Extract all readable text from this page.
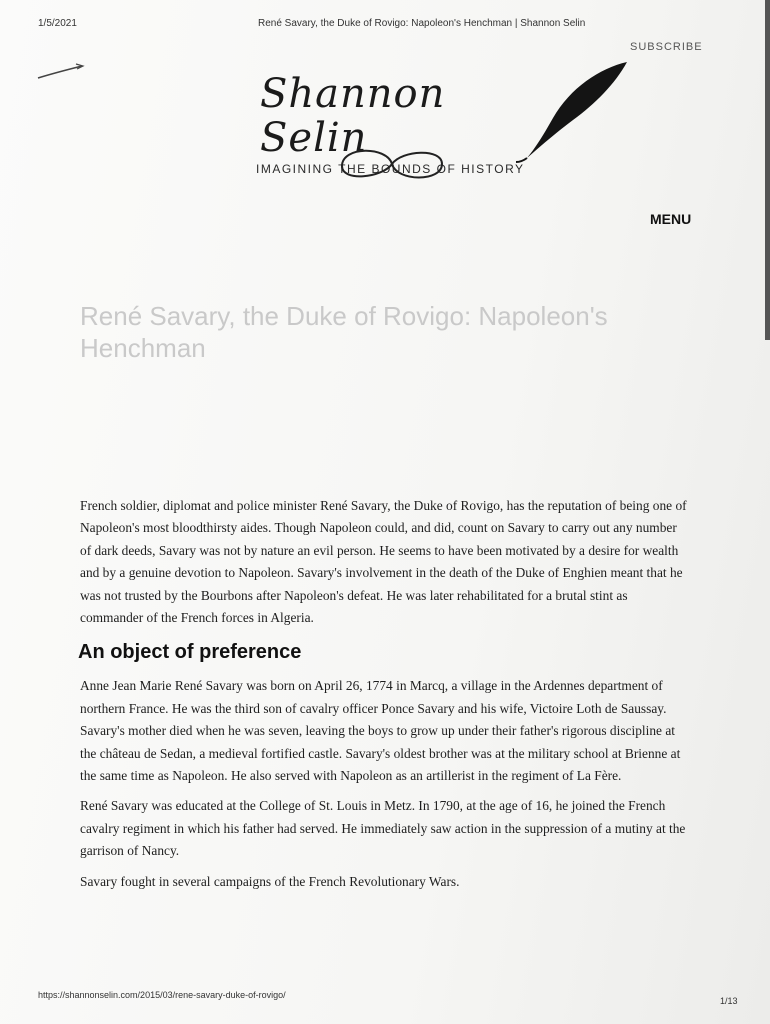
1/5/2021	René Savary, the Duke of Rovigo: Napoleon's Henchman | Shannon Selin
SUBSCRIBE
Shannon Selin
IMAGINING THE BOUNDS OF HISTORY
MENU
René Savary, the Duke of Rovigo: Napoleon's Henchman

French soldier, diplomat and police minister René Savary, the Duke of Rovigo, has the reputation of being one of Napoleon's most bloodthirsty aides. Though Napoleon could, and did, count on Savary to carry out any number of dark deeds, Savary was not by nature an evil person. He seems to have been motivated by a desire for wealth and by a genuine devotion to Napoleon. Savary's involvement in the death of the Duke of Enghien meant that he was not trusted by the Bourbons after Napoleon's defeat. He was later rehabilitated for a brutal stint as commander of the French forces in Algeria.

An object of preference

Anne Jean Marie René Savary was born on April 26, 1774 in Marcq, a village in the Ardennes department of northern France. He was the third son of cavalry officer Ponce Savary and his wife, Victoire Loth de Saussay. Savary's mother died when he was seven, leaving the boys to grow up under their father's rigorous discipline at the château de Sedan, a medieval fortified castle. Savary's oldest brother was at the military school at Brienne at the same time as Napoleon. He also served with Napoleon as an artillerist in the regiment of La Fère.

René Savary was educated at the College of St. Louis in Metz. In 1790, at the age of 16, he joined the French cavalry regiment in which his father had served. He immediately saw action in the suppression of a mutiny at the garrison of Nancy.

Savary fought in several campaigns of the French Revolutionary Wars.

https://shannonselin.com/2015/03/rene-savary-duke-of-rovigo/
1/13
